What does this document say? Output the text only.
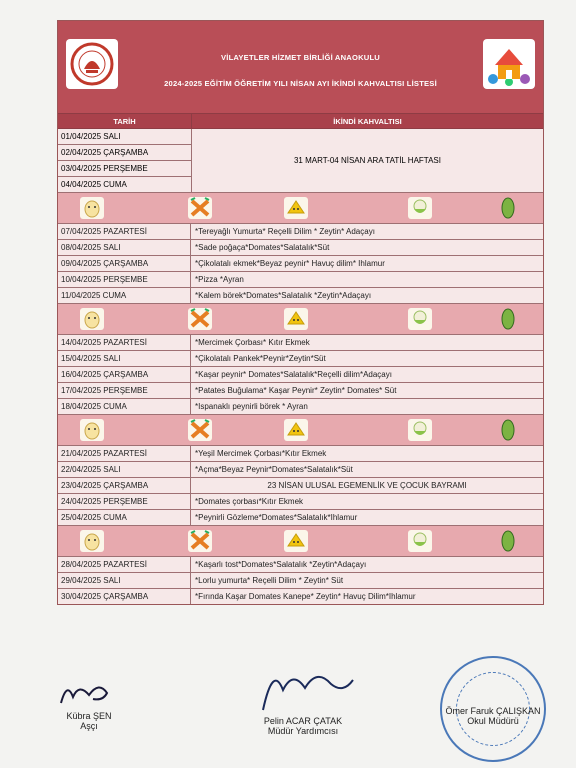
VİLAYETLER HİZMET BİRLİĞİ ANAOKULU
2024-2025 EĞİTİM ÖĞRETİM YILI NİSAN AYI İKİNDİ KAHVALTISI LİSTESİ
TARİH	İKİNDİ KAHVALTISI
01/04/2025 SALI
02/04/2025 ÇARŞAMBA
03/04/2025 PERŞEMBE
04/04/2025 CUMA
31 MART-04 NİSAN ARA TATİL HAFTASI
07/04/2025 PAZARTESİ	*Tereyağlı Yumurta* Reçelli Dilim * Zeytin* Adaçayı
08/04/2025 SALI	*Sade poğaça*Domates*Salatalık*Süt
09/04/2025 ÇARŞAMBA	*Çikolatalı ekmek*Beyaz peynir* Havuç dilim* Ihlamur
10/04/2025 PERŞEMBE	*Pizza *Ayran
11/04/2025 CUMA	*Kalem börek*Domates*Salatalık *Zeytin*Adaçayı
14/04/2025 PAZARTESİ	*Mercimek Çorbası* Kıtır Ekmek
15/04/2025 SALI	*Çikolatalı Pankek*Peynir*Zeytin*Süt
16/04/2025 ÇARŞAMBA	*Kaşar peynir* Domates*Salatalık*Reçelli dilim*Adaçayı
17/04/2025 PERŞEMBE	*Patates Buğulama* Kaşar Peynir* Zeytin* Domates* Süt
18/04/2025 CUMA	*Ispanaklı peynirli börek * Ayran
21/04/2025 PAZARTESİ	*Yeşil Mercimek Çorbası*Kıtır Ekmek
22/04/2025 SALI	*Açma*Beyaz Peynir*Domates*Salatalık*Süt
23/04/2025 ÇARŞAMBA	23 NİSAN ULUSAL EGEMENLİK VE ÇOCUK BAYRAMI
24/04/2025 PERŞEMBE	*Domates çorbası*Kıtır Ekmek
25/04/2025 CUMA	*Peynirli Gözleme*Domates*Salatalık*Ihlamur
28/04/2025 PAZARTESİ	*Kaşarlı tost*Domates*Salatalık *Zeytin*Adaçayı
29/04/2025 SALI	*Lorlu yumurta* Reçelli Dilim * Zeytin* Süt
30/04/2025 ÇARŞAMBA	*Fırında Kaşar Domates Kanepe* Zeytin* Havuç Dilim*Ihlamur
Kübra ŞEN
Aşçı	Pelin ACAR ÇATAK
Müdür Yardımcısı
Ömer Faruk ÇALIŞKAN
Okul Müdürü
